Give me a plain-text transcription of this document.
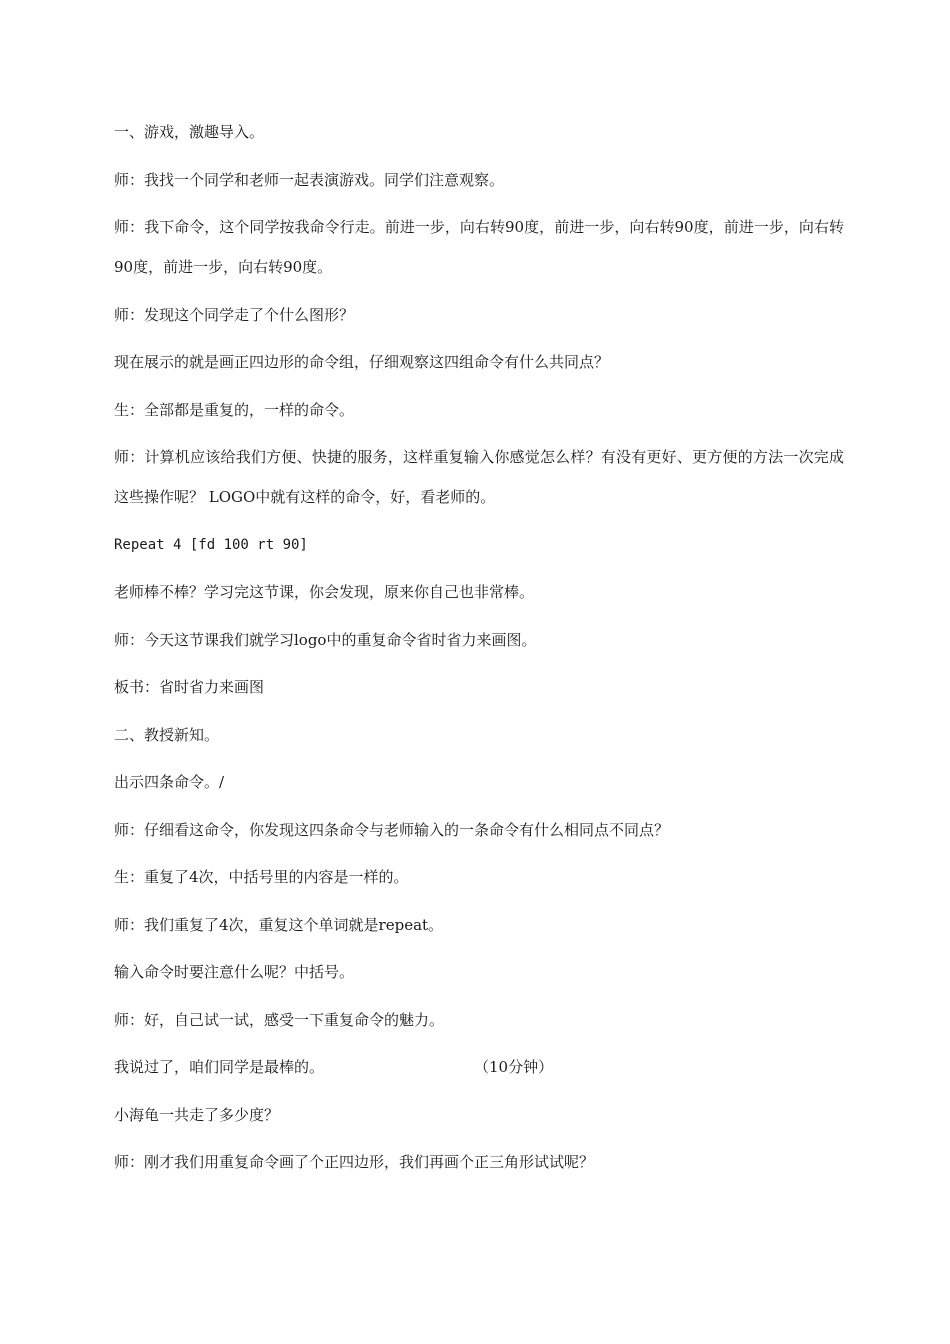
一、游戏，激趣导入。

师：我找一个同学和老师一起表演游戏。同学们注意观察。

师：我下命令，这个同学按我命令行走。前进一步，向右转90度，前进一步，向右转90度，前进一步，向右转90度，前进一步，向右转90度。

师：发现这个同学走了个什么图形？

现在展示的就是画正四边形的命令组，仔细观察这四组命令有什么共同点？

生：全部都是重复的，一样的命令。

师：计算机应该给我们方便、快捷的服务，这样重复输入你感觉怎么样？有没有更好、更方便的方法一次完成这些操作呢？ LOGO中就有这样的命令，好，看老师的。

Repeat 4 [fd 100 rt 90]

老师棒不棒？学习完这节课，你会发现，原来你自己也非常棒。

师：今天这节课我们就学习logo中的重复命令省时省力来画图。

板书：省时省力来画图

二、教授新知。

出示四条命令。/

师：仔细看这命令，你发现这四条命令与老师输入的一条命令有什么相同点不同点？

生：重复了4次，中括号里的内容是一样的。

师：我们重复了4次，重复这个单词就是repeat。

输入命令时要注意什么呢？中括号。

师：好，自己试一试，感受一下重复命令的魅力。

我说过了，咱们同学是最棒的。	（10分钟）

小海龟一共走了多少度？

师：刚才我们用重复命令画了个正四边形，我们再画个正三角形试试呢？
